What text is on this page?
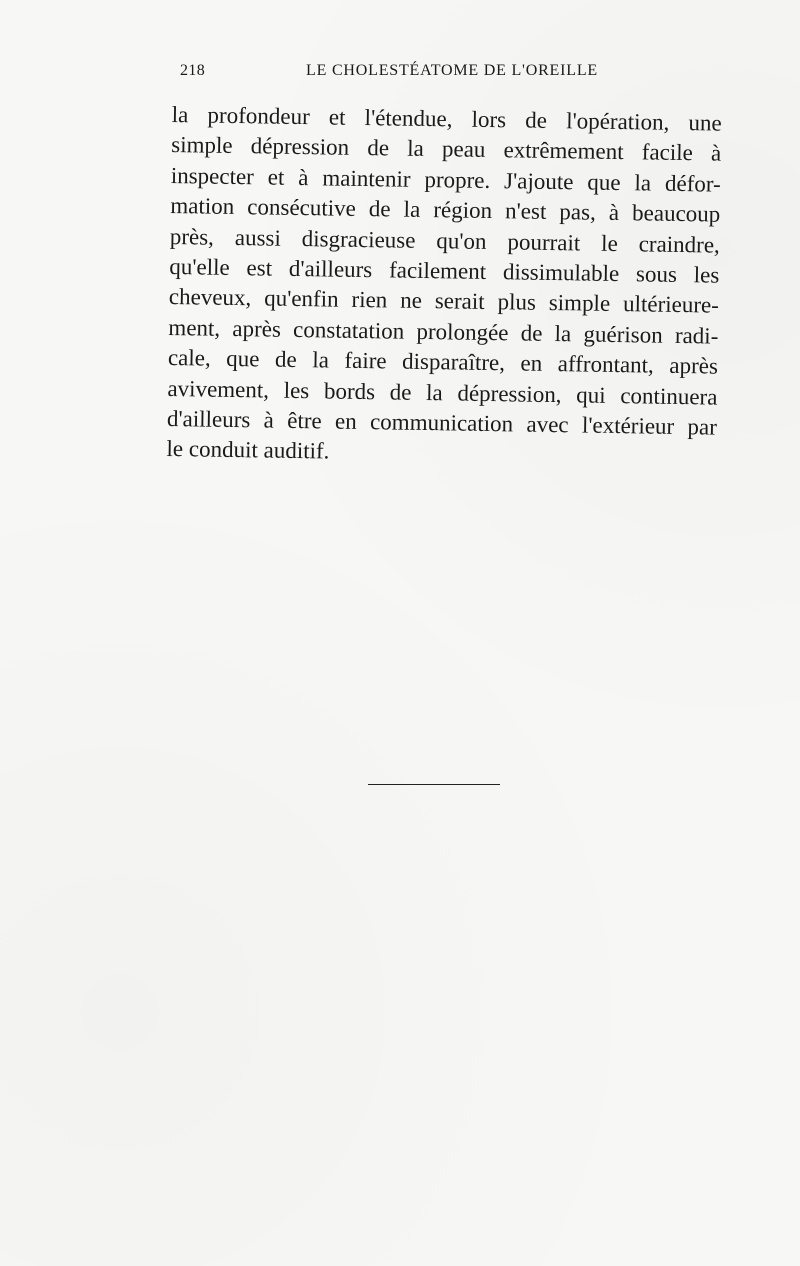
218	LE CHOLESTÉATOME DE L'OREILLE
la profondeur et l'étendue, lors de l'opération, une
simple dépression de la peau extrêmement facile à
inspecter et à maintenir propre. J'ajoute que la défor-
mation consécutive de la région n'est pas, à beaucoup
près, aussi disgracieuse qu'on pourrait le craindre,
qu'elle est d'ailleurs facilement dissimulable sous les
cheveux, qu'enfin rien ne serait plus simple ultérieure-
ment, après constatation prolongée de la guérison radi-
cale, que de la faire disparaître, en affrontant, après
avivement, les bords de la dépression, qui continuera
d'ailleurs à être en communication avec l'extérieur par
le conduit auditif.
